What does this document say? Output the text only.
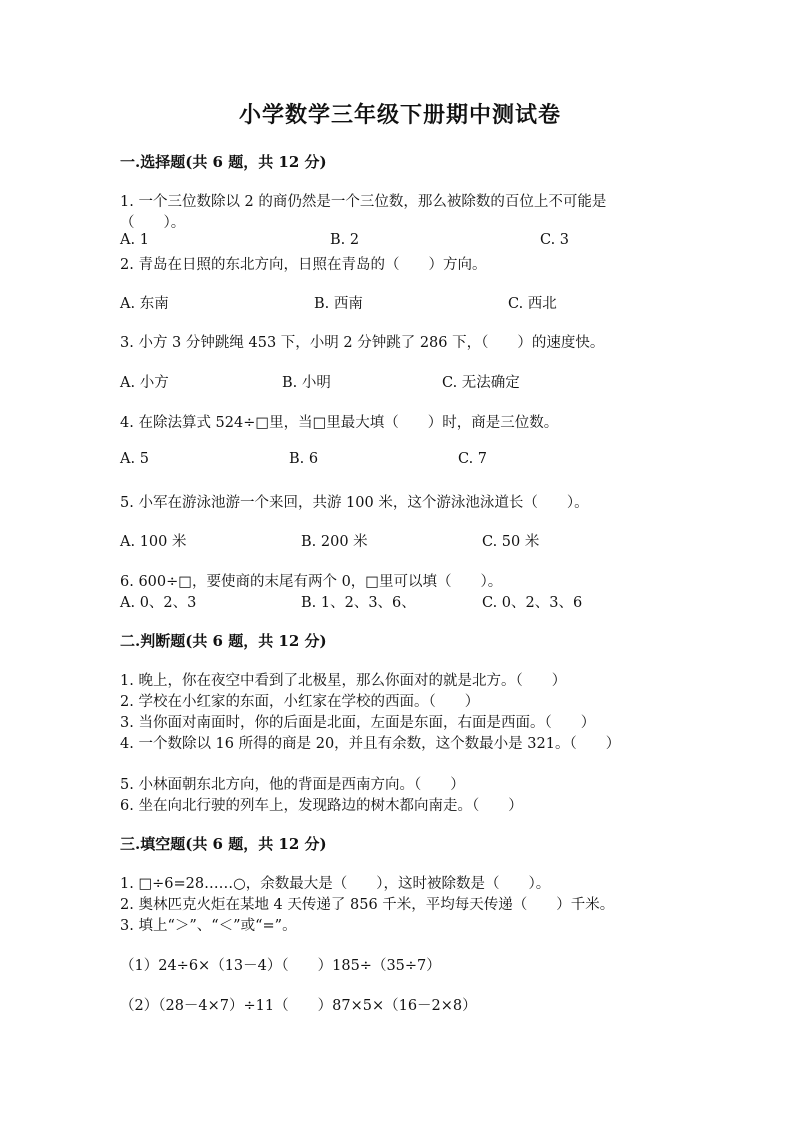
小学数学三年级下册期中测试卷
一.选择题(共 6 题，共 12 分)
1. 一个三位数除以 2 的商仍然是一个三位数，那么被除数的百位上不可能是
（　　）。
A. 1	B. 2	C. 3
2. 青岛在日照的东北方向，日照在青岛的（　　）方向。
A. 东南	B. 西南	C. 西北
3. 小方 3 分钟跳绳 453 下，小明 2 分钟跳了 286 下，（　　）的速度快。
A. 小方	B. 小明	C. 无法确定
4. 在除法算式 524÷□里，当□里最大填（　　）时，商是三位数。
A. 5	B. 6	C. 7
5. 小军在游泳池游一个来回，共游 100 米，这个游泳池泳道长（　　）。
A. 100 米	B. 200 米	C. 50 米
6. 600÷□，要使商的末尾有两个 0，□里可以填（　　）。
A. 0、2、3	B. 1、2、3、6、	C. 0、2、3、6
二.判断题(共 6 题，共 12 分)
1. 晚上，你在夜空中看到了北极星，那么你面对的就是北方。（　　）
2. 学校在小红家的东面，小红家在学校的西面。（　　）
3. 当你面对南面时，你的后面是北面，左面是东面，右面是西面。（　　）
4. 一个数除以 16 所得的商是 20，并且有余数，这个数最小是 321。（　　）
5. 小林面朝东北方向，他的背面是西南方向。（　　）
6. 坐在向北行驶的列车上，发现路边的树木都向南走。（　　）
三.填空题(共 6 题，共 12 分)
1. □÷6=28……○，余数最大是（　　），这时被除数是（　　）。
2. 奥林匹克火炬在某地 4 天传递了 856 千米，平均每天传递（　　）千米。
3. 填上“＞”、“＜”或“=”。
（1）24÷6×（13－4）（　　）185÷（35÷7）
（2）（28－4×7）÷11（　　）87×5×（16－2×8）
